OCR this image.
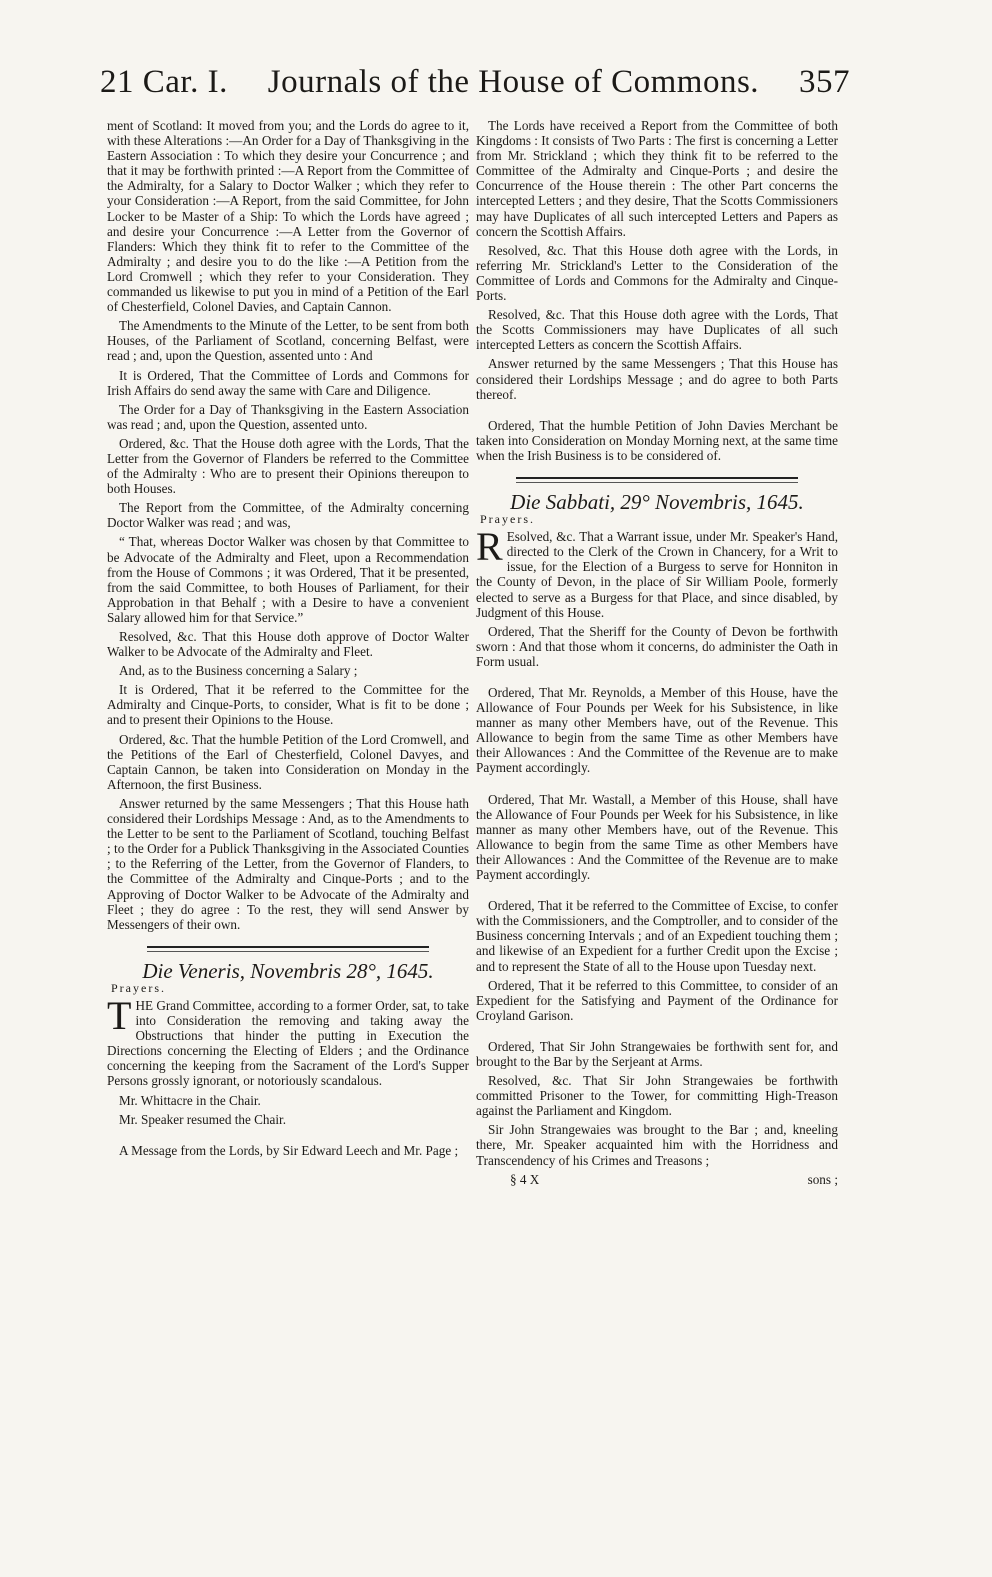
21 Car. I. Journals of the House of Commons. 357

ment of Scotland: It moved from you; and the Lords do agree to it, with these Alterations :—An Order for a Day of Thanksgiving in the Eastern Association : To which they desire your Concurrence ; and that it may be forthwith printed :—A Report from the Committee of the Admiralty, for a Salary to Doctor Walker ; which they refer to your Consideration :—A Report, from the said Committee, for John Locker to be Master of a Ship: To which the Lords have agreed ; and desire your Concurrence :—A Letter from the Governor of Flanders: Which they think fit to refer to the Committee of the Admiralty ; and desire you to do the like :—A Petition from the Lord Cromwell ; which they refer to your Consideration. They commanded us likewise to put you in mind of a Petition of the Earl of Chesterfield, Colonel Davies, and Captain Cannon.

The Amendments to the Minute of the Letter, to be sent from both Houses, of the Parliament of Scotland, concerning Belfast, were read ; and, upon the Question, assented unto : And

It is Ordered, That the Committee of Lords and Commons for Irish Affairs do send away the same with Care and Diligence.

The Order for a Day of Thanksgiving in the Eastern Association was read ; and, upon the Question, assented unto.

Ordered, &c. That the House doth agree with the Lords, That the Letter from the Governor of Flanders be referred to the Committee of the Admiralty : Who are to present their Opinions thereupon to both Houses.

The Report from the Committee, of the Admiralty concerning Doctor Walker was read ; and was,

“ That, whereas Doctor Walker was chosen by that Committee to be Advocate of the Admiralty and Fleet, upon a Recommendation from the House of Commons ; it was Ordered, That it be presented, from the said Committee, to both Houses of Parliament, for their Approbation in that Behalf ; with a Desire to have a convenient Salary allowed him for that Service.”

Resolved, &c. That this House doth approve of Doctor Walter Walker to be Advocate of the Admiralty and Fleet.

And, as to the Business concerning a Salary ;

It is Ordered, That it be referred to the Committee for the Admiralty and Cinque-Ports, to consider, What is fit to be done ; and to present their Opinions to the House.

Ordered, &c. That the humble Petition of the Lord Cromwell, and the Petitions of the Earl of Chesterfield, Colonel Davyes, and Captain Cannon, be taken into Consideration on Monday in the Afternoon, the first Business.

Answer returned by the same Messengers ; That this House hath considered their Lordships Message : And, as to the Amendments to the Letter to be sent to the Parliament of Scotland, touching Belfast ; to the Order for a Publick Thanksgiving in the Associated Counties ; to the Referring of the Letter, from the Governor of Flanders, to the Committee of the Admiralty and Cinque-Ports ; and to the Approving of Doctor Walker to be Advocate of the Admiralty and Fleet ; they do agree : To the rest, they will send Answer by Messengers of their own.

Die Veneris, Novembris 28°, 1645.
Prayers.

THE Grand Committee, according to a former Order, sat, to take into Consideration the removing and taking away the Obstructions that hinder the putting in Execution the Directions concerning the Electing of Elders ; and the Ordinance concerning the keeping from the Sacrament of the Lord's Supper Persons grossly ignorant, or notoriously scandalous.

Mr. Whittacre in the Chair.

Mr. Speaker resumed the Chair.

A Message from the Lords, by Sir Edward Leech and Mr. Page ;

The Lords have received a Report from the Committee of both Kingdoms : It consists of Two Parts : The first is concerning a Letter from Mr. Strickland ; which they think fit to be referred to the Committee of the Admiralty and Cinque-Ports ; and desire the Concurrence of the House therein : The other Part concerns the intercepted Letters ; and they desire, That the Scotts Commissioners may have Duplicates of all such intercepted Letters and Papers as concern the Scottish Affairs.

Resolved, &c. That this House doth agree with the Lords, in referring Mr. Strickland's Letter to the Consideration of the Committee of Lords and Commons for the Admiralty and Cinque-Ports.

Resolved, &c. That this House doth agree with the Lords, That the Scotts Commissioners may have Duplicates of all such intercepted Letters as concern the Scottish Affairs.

Answer returned by the same Messengers ; That this House has considered their Lordships Message ; and do agree to both Parts thereof.

Ordered, That the humble Petition of John Davies Merchant be taken into Consideration on Monday Morning next, at the same time when the Irish Business is to be considered of.

Die Sabbati, 29° Novembris, 1645.
Prayers.

R Esolved, &c. That a Warrant issue, under Mr. Speaker's Hand, directed to the Clerk of the Crown in Chancery, for a Writ to issue, for the Election of a Burgess to serve for Honniton in the County of Devon, in the place of Sir William Poole, formerly elected to serve as a Burgess for that Place, and since disabled, by Judgment of this House.

Ordered, That the Sheriff for the County of Devon be forthwith sworn : And that those whom it concerns, do administer the Oath in Form usual.

Ordered, That Mr. Reynolds, a Member of this House, have the Allowance of Four Pounds per Week for his Subsistence, in like manner as many other Members have, out of the Revenue. This Allowance to begin from the same Time as other Members have their Allowances : And the Committee of the Revenue are to make Payment accordingly.

Ordered, That Mr. Wastall, a Member of this House, shall have the Allowance of Four Pounds per Week for his Subsistence, in like manner as many other Members have, out of the Revenue. This Allowance to begin from the same Time as other Members have their Allowances : And the Committee of the Revenue are to make Payment accordingly.

Ordered, That it be referred to the Committee of Excise, to confer with the Commissioners, and the Comptroller, and to consider of the Business concerning Intervals ; and of an Expedient touching them ; and likewise of an Expedient for a further Credit upon the Excise ; and to represent the State of all to the House upon Tuesday next.

Ordered, That it be referred to this Committee, to consider of an Expedient for the Satisfying and Payment of the Ordinance for Croyland Garison.

Ordered, That Sir John Strangewaies be forthwith sent for, and brought to the Bar by the Serjeant at Arms.

Resolved, &c. That Sir John Strangewaies be forthwith committed Prisoner to the Tower, for committing High-Treason against the Parliament and Kingdom.

Sir John Strangewaies was brought to the Bar ; and, kneeling there, Mr. Speaker acquainted him with the Horridness and Transcendency of his Crimes and Treasons ;

§ 4 X	sons ;
